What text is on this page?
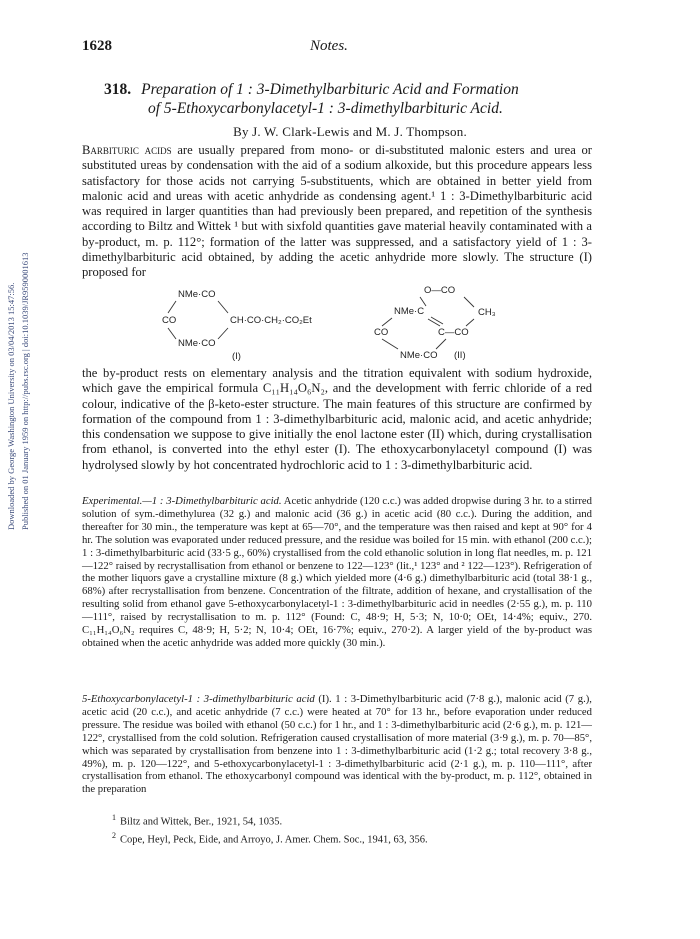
1628	Notes.
Downloaded by George Washington University on 03/04/2013 15:47:56. Published on 01 January 1959 on http://pubs.rsc.org | doi:10.1039/JR9590001613
318. Preparation of 1 : 3-Dimethylbarbituric Acid and Formation
of 5-Ethoxycarbonylacetyl-1 : 3-dimethylbarbituric Acid.
By J. W. Clark-Lewis and M. J. Thompson.

Barbituric acids are usually prepared from mono- or di-substituted malonic esters and urea or substituted ureas by condensation with the aid of a sodium alkoxide, but this procedure appears less satisfactory for those acids not carrying 5-substituents, which are obtained in better yield from malonic acid and ureas with acetic anhydride as condensing agent.¹ 1 : 3-Dimethylbarbituric acid was required in larger quantities than had previously been prepared, and repetition of the synthesis according to Biltz and Wittek ¹ but with sixfold quantities gave material heavily contaminated with a by-product, m. p. 112°; formation of the latter was suppressed, and a satisfactory yield of 1 : 3-dimethylbarbituric acid obtained, by adding the acetic anhydride more slowly. The structure (I) proposed for

NMe·CO
CO	CH·CO·CH₂·CO₂Et
NMe·CO
(I)
O—CO
NMe·C	CH₃
CO	C—CO
NMe·CO (II)

the by-product rests on elementary analysis and the titration equivalent with sodium hydroxide, which gave the empirical formula C₁₁H₁₄O₆N₂, and the development with ferric chloride of a red colour, indicative of the β-keto-ester structure. The main features of this structure are confirmed by formation of the compound from 1 : 3-dimethylbarbituric acid, malonic acid, and acetic anhydride; this condensation we suppose to give initially the enol lactone ester (II) which, during crystallisation from ethanol, is converted into the ethyl ester (I). The ethoxycarbonylacetyl compound (I) was hydrolysed slowly by hot concentrated hydrochloric acid to 1 : 3-dimethylbarbituric acid.

Experimental.—1 : 3-Dimethylbarbituric acid. Acetic anhydride (120 c.c.) was added dropwise during 3 hr. to a stirred solution of sym.-dimethylurea (32 g.) and malonic acid (36 g.) in acetic acid (80 c.c.). During the addition, and thereafter for 30 min., the temperature was kept at 65—70°, and the temperature was then raised and kept at 90° for 4 hr. The solution was evaporated under reduced pressure, and the residue was boiled for 15 min. with ethanol (200 c.c.); 1 : 3-dimethylbarbituric acid (33·5 g., 60%) crystallised from the cold ethanolic solution in long flat needles, m. p. 121—122° raised by recrystallisation from ethanol or benzene to 122—123° (lit.,¹ 123° and ² 122—123°). Refrigeration of the mother liquors gave a crystalline mixture (8 g.) which yielded more (4·6 g.) dimethylbarbituric acid (total 38·1 g., 68%) after recrystallisation from benzene. Concentration of the filtrate, addition of hexane, and crystallisation of the resulting solid from ethanol gave 5-ethoxycarbonylacetyl-1 : 3-dimethylbarbituric acid in needles (2·55 g.), m. p. 110—111°, raised by recrystallisation to m. p. 112° (Found: C, 48·9; H, 5·3; N, 10·0; OEt, 14·4%; equiv., 270. C₁₁H₁₄O₆N₂ requires C, 48·9; H, 5·2; N, 10·4; OEt, 16·7%; equiv., 270·2). A larger yield of the by-product was obtained when the acetic anhydride was added more quickly (30 min.).

5-Ethoxycarbonylacetyl-1 : 3-dimethylbarbituric acid (I). 1 : 3-Dimethylbarbituric acid (7·8 g.), malonic acid (7 g.), acetic acid (20 c.c.), and acetic anhydride (7 c.c.) were heated at 70° for 13 hr., before evaporation under reduced pressure. The residue was boiled with ethanol (50 c.c.) for 1 hr., and 1 : 3-dimethylbarbituric acid (2·6 g.), m. p. 121—122°, crystallised from the cold solution. Refrigeration caused crystallisation of more material (3·9 g.), m. p. 70—85°, which was separated by crystallisation from benzene into 1 : 3-dimethylbarbituric acid (1·2 g.; total recovery 3·8 g., 49%), m. p. 120—122°, and 5-ethoxycarbonylacetyl-1 : 3-dimethylbarbituric acid (2·1 g.), m. p. 110—111°, after crystallisation from ethanol. The ethoxycarbonyl compound was identical with the by-product, m. p. 112°, obtained in the preparation

$^1$ Biltz and Wittek, Ber., 1921, 54, 1035.
$^2$ Cope, Heyl, Peck, Eide, and Arroyo, J. Amer. Chem. Soc., 1941, 63, 356.
